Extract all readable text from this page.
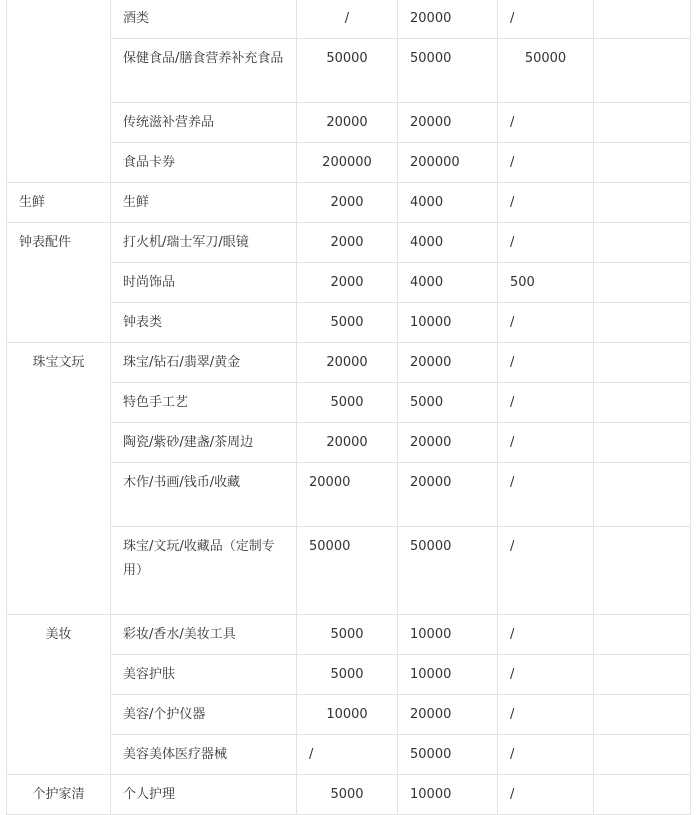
	酒类	/	20000	/	
	保健食品/膳食营养补充食品	50000	50000	50000	
	传统滋补营养品	20000	20000	/	
	食品卡券	200000	200000	/	
生鲜	生鲜	2000	4000	/	
钟表配件	打火机/瑞士军刀/眼镜	2000	4000	/	
	时尚饰品	2000	4000	500	
	钟表类	5000	10000	/	
珠宝文玩	珠宝/钻石/翡翠/黄金	20000	20000	/	
	特色手工艺	5000	5000	/	
	陶瓷/紫砂/建盏/茶周边	20000	20000	/	
	木作/书画/钱币/收藏	20000	20000	/	
	珠宝/文玩/收藏品（定制专用）	50000	50000	/	
美妆	彩妆/香水/美妆工具	5000	10000	/	
	美容护肤	5000	10000	/	
	美容/个护仪器	10000	20000	/	
	美容美体医疗器械	/	50000	/	
个护家清	个人护理	5000	10000	/	
